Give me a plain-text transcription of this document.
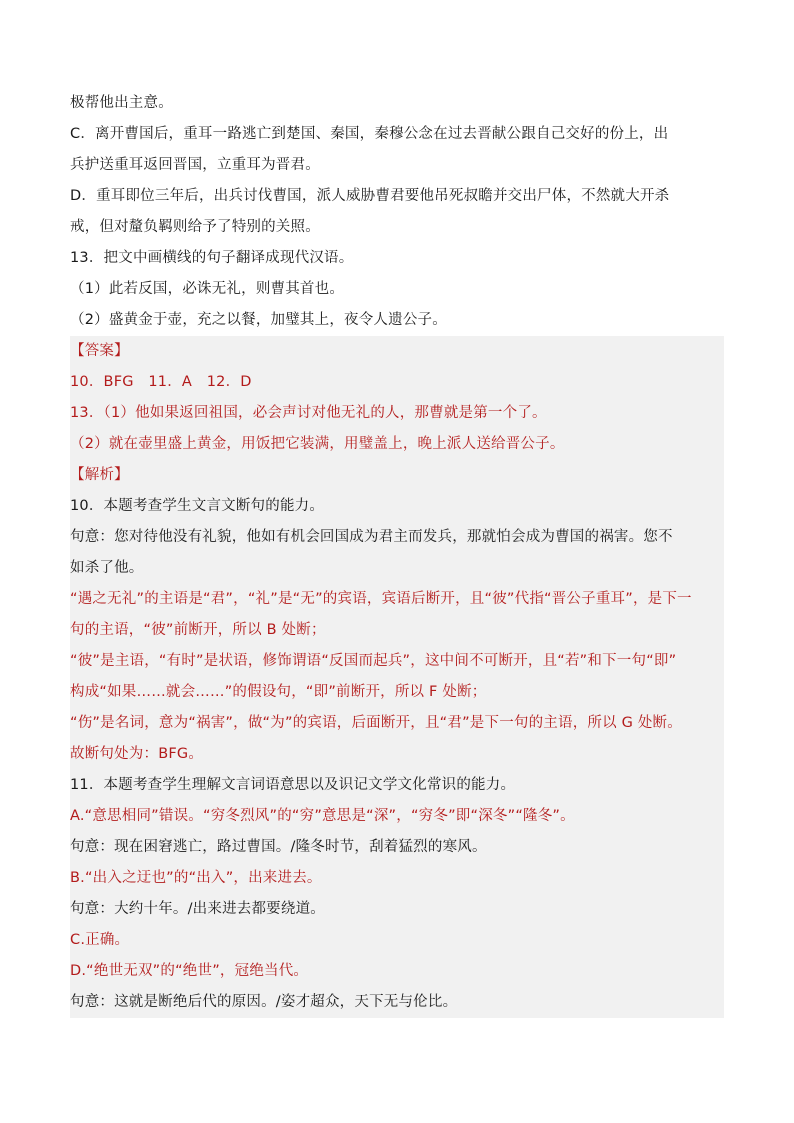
极帮他出主意。
C．离开曹国后，重耳一路逃亡到楚国、秦国，秦穆公念在过去晋献公跟自己交好的份上，出
兵护送重耳返回晋国，立重耳为晋君。
D．重耳即位三年后，出兵讨伐曹国，派人威胁曹君要他吊死叔瞻并交出尸体，不然就大开杀
戒，但对釐负羁则给予了特别的关照。
13．把文中画横线的句子翻译成现代汉语。
（1）此若反国，必诛无礼，则曹其首也。
（2）盛黄金于壶，充之以餐，加璧其上，夜令人遗公子。
【答案】
10．BFG　11．A　12．D
13．（1）他如果返回祖国，必会声讨对他无礼的人，那曹就是第一个了。
（2）就在壶里盛上黄金，用饭把它装满，用璧盖上，晚上派人送给晋公子。
【解析】
10．本题考查学生文言文断句的能力。
句意：您对待他没有礼貌，他如有机会回国成为君主而发兵，那就怕会成为曹国的祸害。您不
如杀了他。
“遇之无礼”的主语是“君”，“礼”是“无”的宾语，宾语后断开，且“彼”代指“晋公子重耳”，是下一
句的主语，“彼”前断开，所以 B 处断；
“彼”是主语，“有时”是状语，修饰谓语“反国而起兵”，这中间不可断开，且“若”和下一句“即”
构成“如果……就会……”的假设句，“即”前断开，所以 F 处断；
“伤”是名词，意为“祸害”，做“为”的宾语，后面断开，且“君”是下一句的主语，所以 G 处断。
故断句处为：BFG。
11．本题考查学生理解文言词语意思以及识记文学文化常识的能力。
A.“意思相同”错误。“穷冬烈风”的“穷”意思是“深”，“穷冬”即“深冬”“隆冬”。
句意：现在困窘逃亡，路过曹国。/隆冬时节，刮着猛烈的寒风。
B.“出入之迂也”的“出入”，出来进去。
句意：大约十年。/出来进去都要绕道。
C.正确。
D.“绝世无双”的“绝世”，冠绝当代。
句意：这就是断绝后代的原因。/姿才超众，天下无与伦比。
